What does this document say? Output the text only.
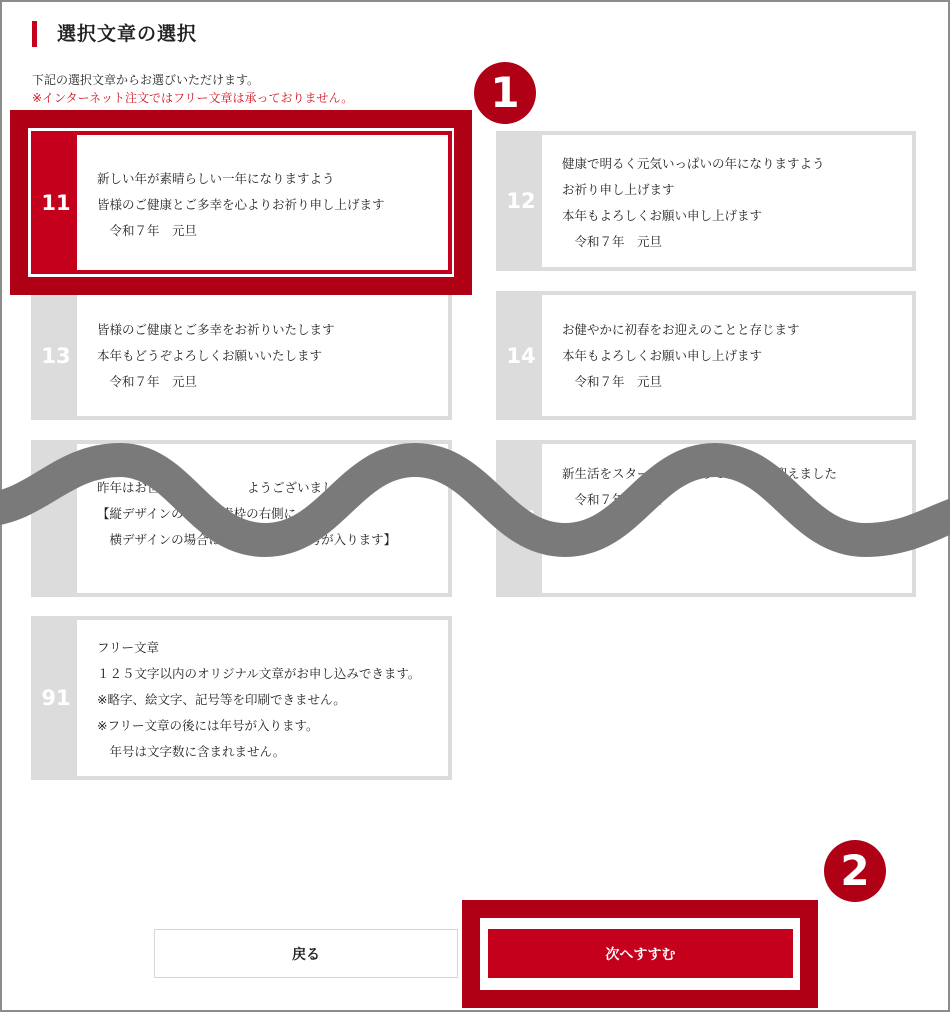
選択文章の選択
下記の選択文章からお選びいただけます。
※インターネット注文ではフリー文章は承っておりません。
11
新しい年が素晴らしい一年になりますよう
皆様のご健康とご多幸を心よりお祈り申し上げます
　令和７年　元旦
12
健康で明るく元気いっぱいの年になりますよう
お祈り申し上げます
本年もよろしくお願い申し上げます
　令和７年　元旦
13
皆様のご健康とご多幸をお祈りいたします
本年もどうぞよろしくお願いいたします
　令和７年　元旦
14
お健やかに初春をお迎えのことと存じます
本年もよろしくお願い申し上げます
　令和７年　元旦
昨年はお世話　　　　　　ようございました
【縦デザインの場合は青枠の右側に
　横デザインの場合は青枠の上側に年号が入ります】
16
新生活をスタートして初めてお正月を迎えました
　令和７年　元旦
91
フリー文章
１２５文字以内のオリジナル文章がお申し込みできます。
※略字、絵文字、記号等を印刷できません。
※フリー文章の後には年号が入ります。
　年号は文字数に含まれません。
1
戻る	次へすすむ
2
